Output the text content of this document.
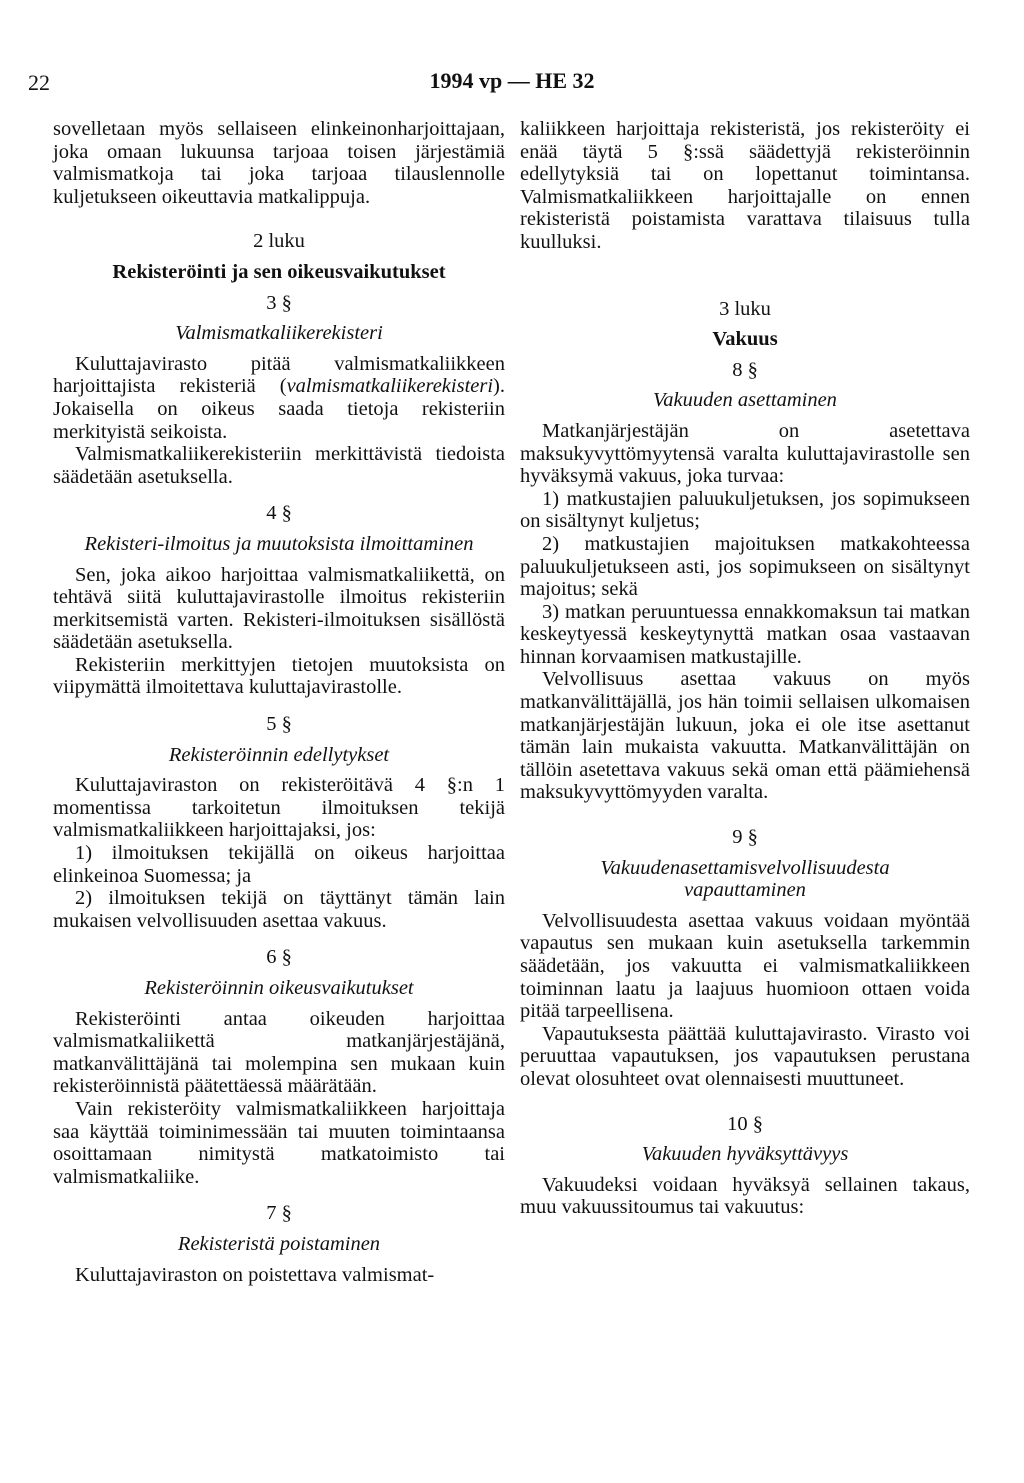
22	1994 vp — HE 32

sovelletaan myös sellaiseen elinkeinonharjoittajaan, joka omaan lukuunsa tarjoaa toisen järjestämiä valmismatkoja tai joka tarjoaa tilauslennolle kuljetukseen oikeuttavia matkalippuja.

2 luku

Rekisteröinti ja sen oikeusvaikutukset

3 §

Valmismatkaliikerekisteri

Kuluttajavirasto pitää valmismatkaliikkeen harjoittajista rekisteriä (valmismatkaliikerekisteri). Jokaisella on oikeus saada tietoja rekisteriin merkityistä seikoista.

Valmismatkaliikerekisteriin merkittävistä tiedoista säädetään asetuksella.

4 §

Rekisteri-ilmoitus ja muutoksista ilmoittaminen

Sen, joka aikoo harjoittaa valmismatkaliikettä, on tehtävä siitä kuluttajavirastolle ilmoitus rekisteriin merkitsemistä varten. Rekisteri-ilmoituksen sisällöstä säädetään asetuksella.

Rekisteriin merkittyjen tietojen muutoksista on viipymättä ilmoitettava kuluttajavirastolle.

5 §

Rekisteröinnin edellytykset

Kuluttajaviraston on rekisteröitävä 4 §:n 1 momentissa tarkoitetun ilmoituksen tekijä valmismatkaliikkeen harjoittajaksi, jos:

1) ilmoituksen tekijällä on oikeus harjoittaa elinkeinoa Suomessa; ja

2) ilmoituksen tekijä on täyttänyt tämän lain mukaisen velvollisuuden asettaa vakuus.

6 §

Rekisteröinnin oikeusvaikutukset

Rekisteröinti antaa oikeuden harjoittaa valmismatkaliikettä matkanjärjestäjänä, matkanvälittäjänä tai molempina sen mukaan kuin rekisteröinnistä päätettäessä määrätään.

Vain rekisteröity valmismatkaliikkeen harjoittaja saa käyttää toiminimessään tai muuten toimintaansa osoittamaan nimitystä matkatoimisto tai valmismatkaliike.

7 §

Rekisteristä poistaminen

Kuluttajaviraston on poistettava valmismat-

kaliikkeen harjoittaja rekisteristä, jos rekisteröity ei enää täytä 5 §:ssä säädettyjä rekisteröinnin edellytyksiä tai on lopettanut toimintansa. Valmismatkaliikkeen harjoittajalle on ennen rekisteristä poistamista varattava tilaisuus tulla kuulluksi.

3 luku

Vakuus

8 §

Vakuuden asettaminen

Matkanjärjestäjän on asetettava maksukyvyttömyytensä varalta kuluttajavirastolle sen hyväksymä vakuus, joka turvaa:

1) matkustajien paluukuljetuksen, jos sopimukseen on sisältynyt kuljetus;

2) matkustajien majoituksen matkakohteessa paluukuljetukseen asti, jos sopimukseen on sisältynyt majoitus; sekä

3) matkan peruuntuessa ennakkomaksun tai matkan keskeytyessä keskeytynyttä matkan osaa vastaavan hinnan korvaamisen matkustajille.

Velvollisuus asettaa vakuus on myös matkanvälittäjällä, jos hän toimii sellaisen ulkomaisen matkanjärjestäjän lukuun, joka ei ole itse asettanut tämän lain mukaista vakuutta. Matkanvälittäjän on tällöin asetettava vakuus sekä oman että päämiehensä maksukyvyttömyyden varalta.

9 §

Vakuudenasettamisvelvollisuudesta

vapauttaminen

Velvollisuudesta asettaa vakuus voidaan myöntää vapautus sen mukaan kuin asetuksella tarkemmin säädetään, jos vakuutta ei valmismatkaliikkeen toiminnan laatu ja laajuus huomioon ottaen voida pitää tarpeellisena.

Vapautuksesta päättää kuluttajavirasto. Virasto voi peruuttaa vapautuksen, jos vapautuksen perustana olevat olosuhteet ovat olennaisesti muuttuneet.

10 §

Vakuuden hyväksyttävyys

Vakuudeksi voidaan hyväksyä sellainen takaus, muu vakuussitoumus tai vakuutus:
